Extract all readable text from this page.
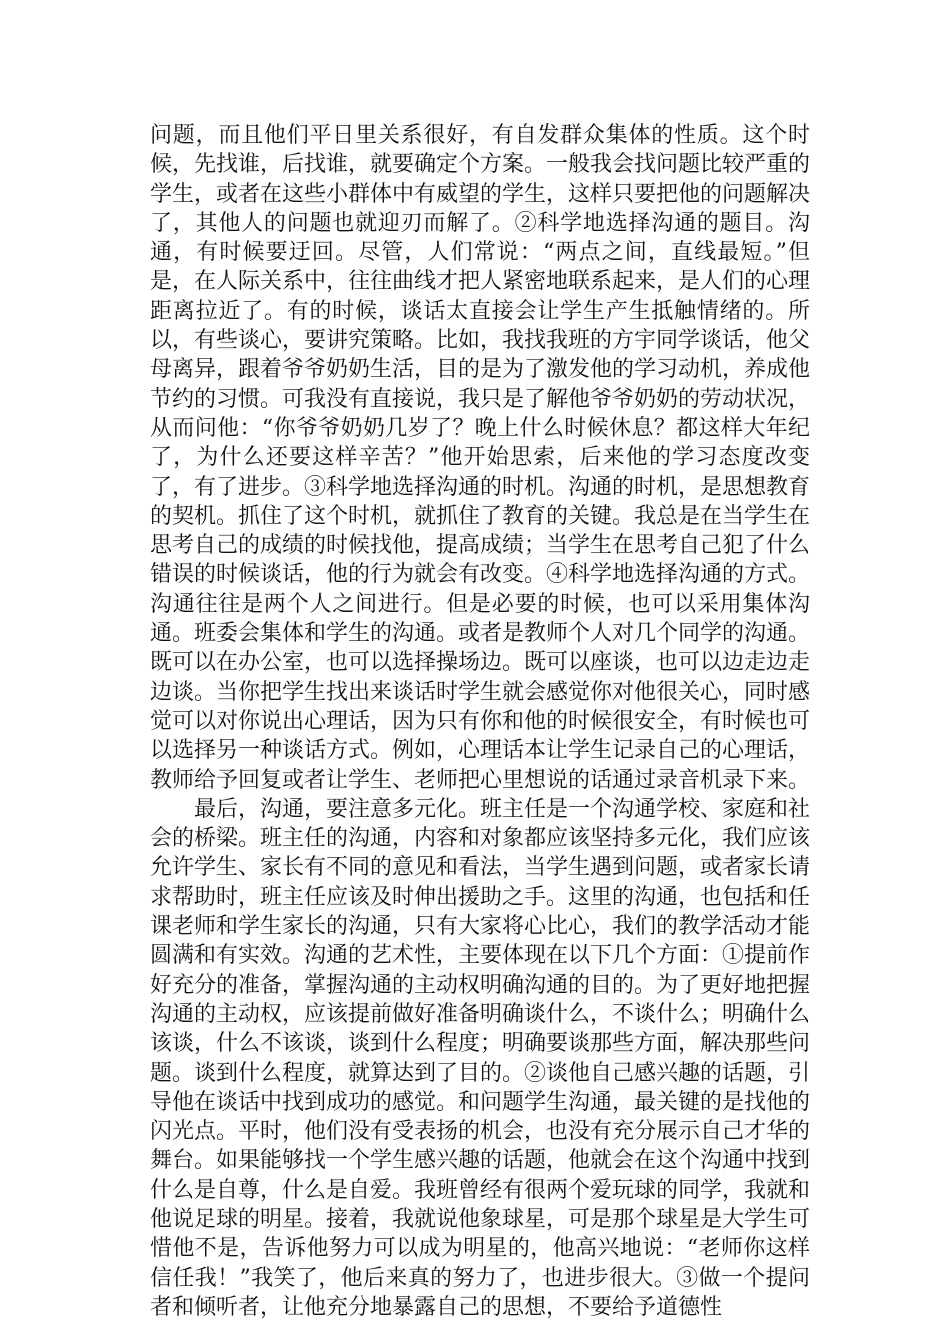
问题，而且他们平日里关系很好，有自发群众集体的性质。这个时候，先找谁，后找谁，就要确定个方案。一般我会找问题比较严重的学生，或者在这些小群体中有威望的学生，这样只要把他的问题解决了，其他人的问题也就迎刃而解了。②科学地选择沟通的题目。沟通，有时候要迂回。尽管，人们常说：“两点之间，直线最短。”但是，在人际关系中，往往曲线才把人紧密地联系起来，是人们的心理距离拉近了。有的时候，谈话太直接会让学生产生抵触情绪的。所以，有些谈心，要讲究策略。比如，我找我班的方宇同学谈话，他父母离异，跟着爷爷奶奶生活，目的是为了激发他的学习动机，养成他节约的习惯。可我没有直接说，我只是了解他爷爷奶奶的劳动状况，从而问他：“你爷爷奶奶几岁了？晚上什么时候休息？都这样大年纪了，为什么还要这样辛苦？”他开始思索，后来他的学习态度改变了，有了进步。③科学地选择沟通的时机。沟通的时机，是思想教育的契机。抓住了这个时机，就抓住了教育的关键。我总是在当学生在思考自己的成绩的时候找他，提高成绩；当学生在思考自己犯了什么错误的时候谈话，他的行为就会有改变。④科学地选择沟通的方式。沟通往往是两个人之间进行。但是必要的时候，也可以采用集体沟通。班委会集体和学生的沟通。或者是教师个人对几个同学的沟通。既可以在办公室，也可以选择操场边。既可以座谈，也可以边走边走边谈。当你把学生找出来谈话时学生就会感觉你对他很关心，同时感觉可以对你说出心理话，因为只有你和他的时候很安全，有时候也可以选择另一种谈话方式。例如，心理话本让学生记录自己的心理话，教师给予回复或者让学生、老师把心里想说的话通过录音机录下来。

最后，沟通，要注意多元化。班主任是一个沟通学校、家庭和社会的桥梁。班主任的沟通，内容和对象都应该坚持多元化，我们应该允许学生、家长有不同的意见和看法，当学生遇到问题，或者家长请求帮助时，班主任应该及时伸出援助之手。这里的沟通，也包括和任课老师和学生家长的沟通，只有大家将心比心，我们的教学活动才能圆满和有实效。沟通的艺术性，主要体现在以下几个方面：①提前作好充分的准备，掌握沟通的主动权明确沟通的目的。为了更好地把握沟通的主动权，应该提前做好准备明确谈什么，不谈什么；明确什么该谈，什么不该谈，谈到什么程度；明确要谈那些方面，解决那些问题。谈到什么程度，就算达到了目的。②谈他自己感兴趣的话题，引导他在谈话中找到成功的感觉。和问题学生沟通，最关键的是找他的闪光点。平时，他们没有受表扬的机会，也没有充分展示自己才华的舞台。如果能够找一个学生感兴趣的话题，他就会在这个沟通中找到什么是自尊，什么是自爱。我班曾经有很两个爱玩球的同学，我就和他说足球的明星。接着，我就说他象球星，可是那个球星是大学生可惜他不是，告诉他努力可以成为明星的，他高兴地说：“老师你这样信任我！”我笑了，他后来真的努力了，也进步很大。③做一个提问者和倾听者，让他充分地暴露自己的思想，不要给予道德性
